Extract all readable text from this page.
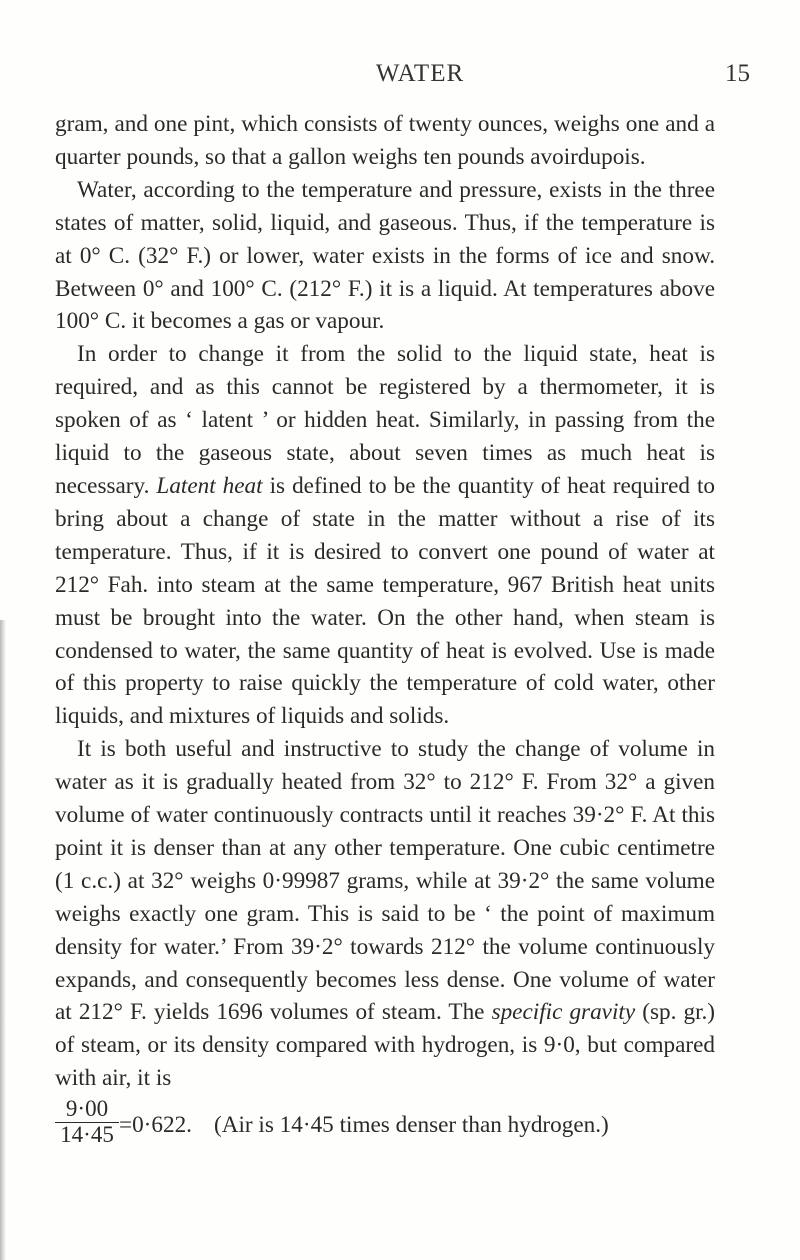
WATER	15

gram, and one pint, which consists of twenty ounces, weighs one and a quarter pounds, so that a gallon weighs ten pounds avoirdupois.

Water, according to the temperature and pressure, exists in the three states of matter, solid, liquid, and gaseous. Thus, if the temperature is at 0° C. (32° F.) or lower, water exists in the forms of ice and snow. Between 0° and 100° C. (212° F.) it is a liquid. At temperatures above 100° C. it becomes a gas or vapour.

In order to change it from the solid to the liquid state, heat is required, and as this cannot be registered by a thermometer, it is spoken of as ‘ latent ’ or hidden heat. Similarly, in passing from the liquid to the gaseous state, about seven times as much heat is necessary. Latent heat is defined to be the quantity of heat required to bring about a change of state in the matter without a rise of its temperature. Thus, if it is desired to convert one pound of water at 212° Fah. into steam at the same temperature, 967 British heat units must be brought into the water. On the other hand, when steam is condensed to water, the same quantity of heat is evolved. Use is made of this property to raise quickly the temperature of cold water, other liquids, and mixtures of liquids and solids.

It is both useful and instructive to study the change of volume in water as it is gradually heated from 32° to 212° F. From 32° a given volume of water continuously contracts until it reaches 39·2° F. At this point it is denser than at any other temperature. One cubic centimetre (1 c.c.) at 32° weighs 0·99987 grams, while at 39·2° the same volume weighs exactly one gram. This is said to be ‘ the point of maximum density for water.’ From 39·2° towards 212° the volume continuously expands, and consequently becomes less dense. One volume of water at 212° F. yields 1696 volumes of steam. The specific gravity (sp. gr.) of steam, or its density compared with hydrogen, is 9·0, but compared with air, it is

9·00
14·45 =0·622. (Air is 14·45 times denser than hydrogen.)
